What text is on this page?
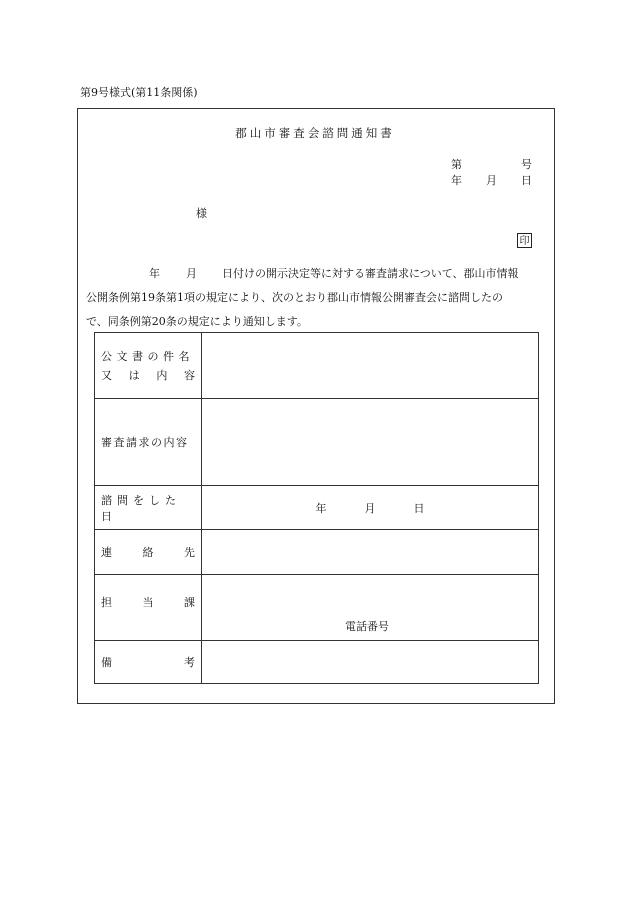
第9号様式(第11条関係)
郡山市審査会諮問通知書
第	号
年 月 日
様
印
年 月 日付けの開示決定等に対する審査請求について、郡山市情報
公開条例第19条第1項の規定により、次のとおり郡山市情報公開審査会に諮問したの
で、同条例第20条の規定により通知します。
公文書の件名
又 は 内 容	

審査請求の内容	
諮問をした日	年 月 日

連 絡 先	

担 当 課	電話番号

備 考	
